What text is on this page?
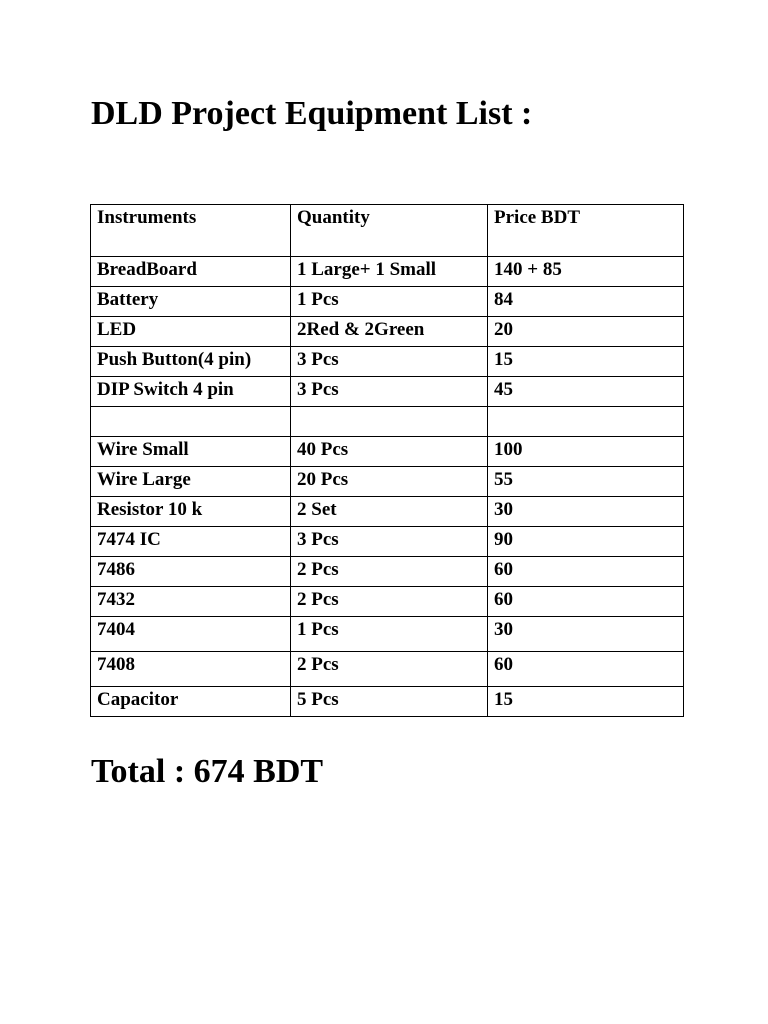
DLD Project Equipment List :
Instruments	Quantity	Price BDT
BreadBoard	1 Large+ 1 Small	140 + 85
Battery	1 Pcs	84
LED	2Red & 2Green	20
Push Button(4 pin)	3 Pcs	15
DIP Switch 4 pin	3 Pcs	45

Wire Small	40 Pcs	100
Wire Large	20 Pcs	55
Resistor 10 k	2 Set	30
7474 IC	3 Pcs	90
7486	2 Pcs	60
7432	2 Pcs	60
7404	1 Pcs	30
7408	2 Pcs	60
Capacitor	5 Pcs	15
Total : 674 BDT
